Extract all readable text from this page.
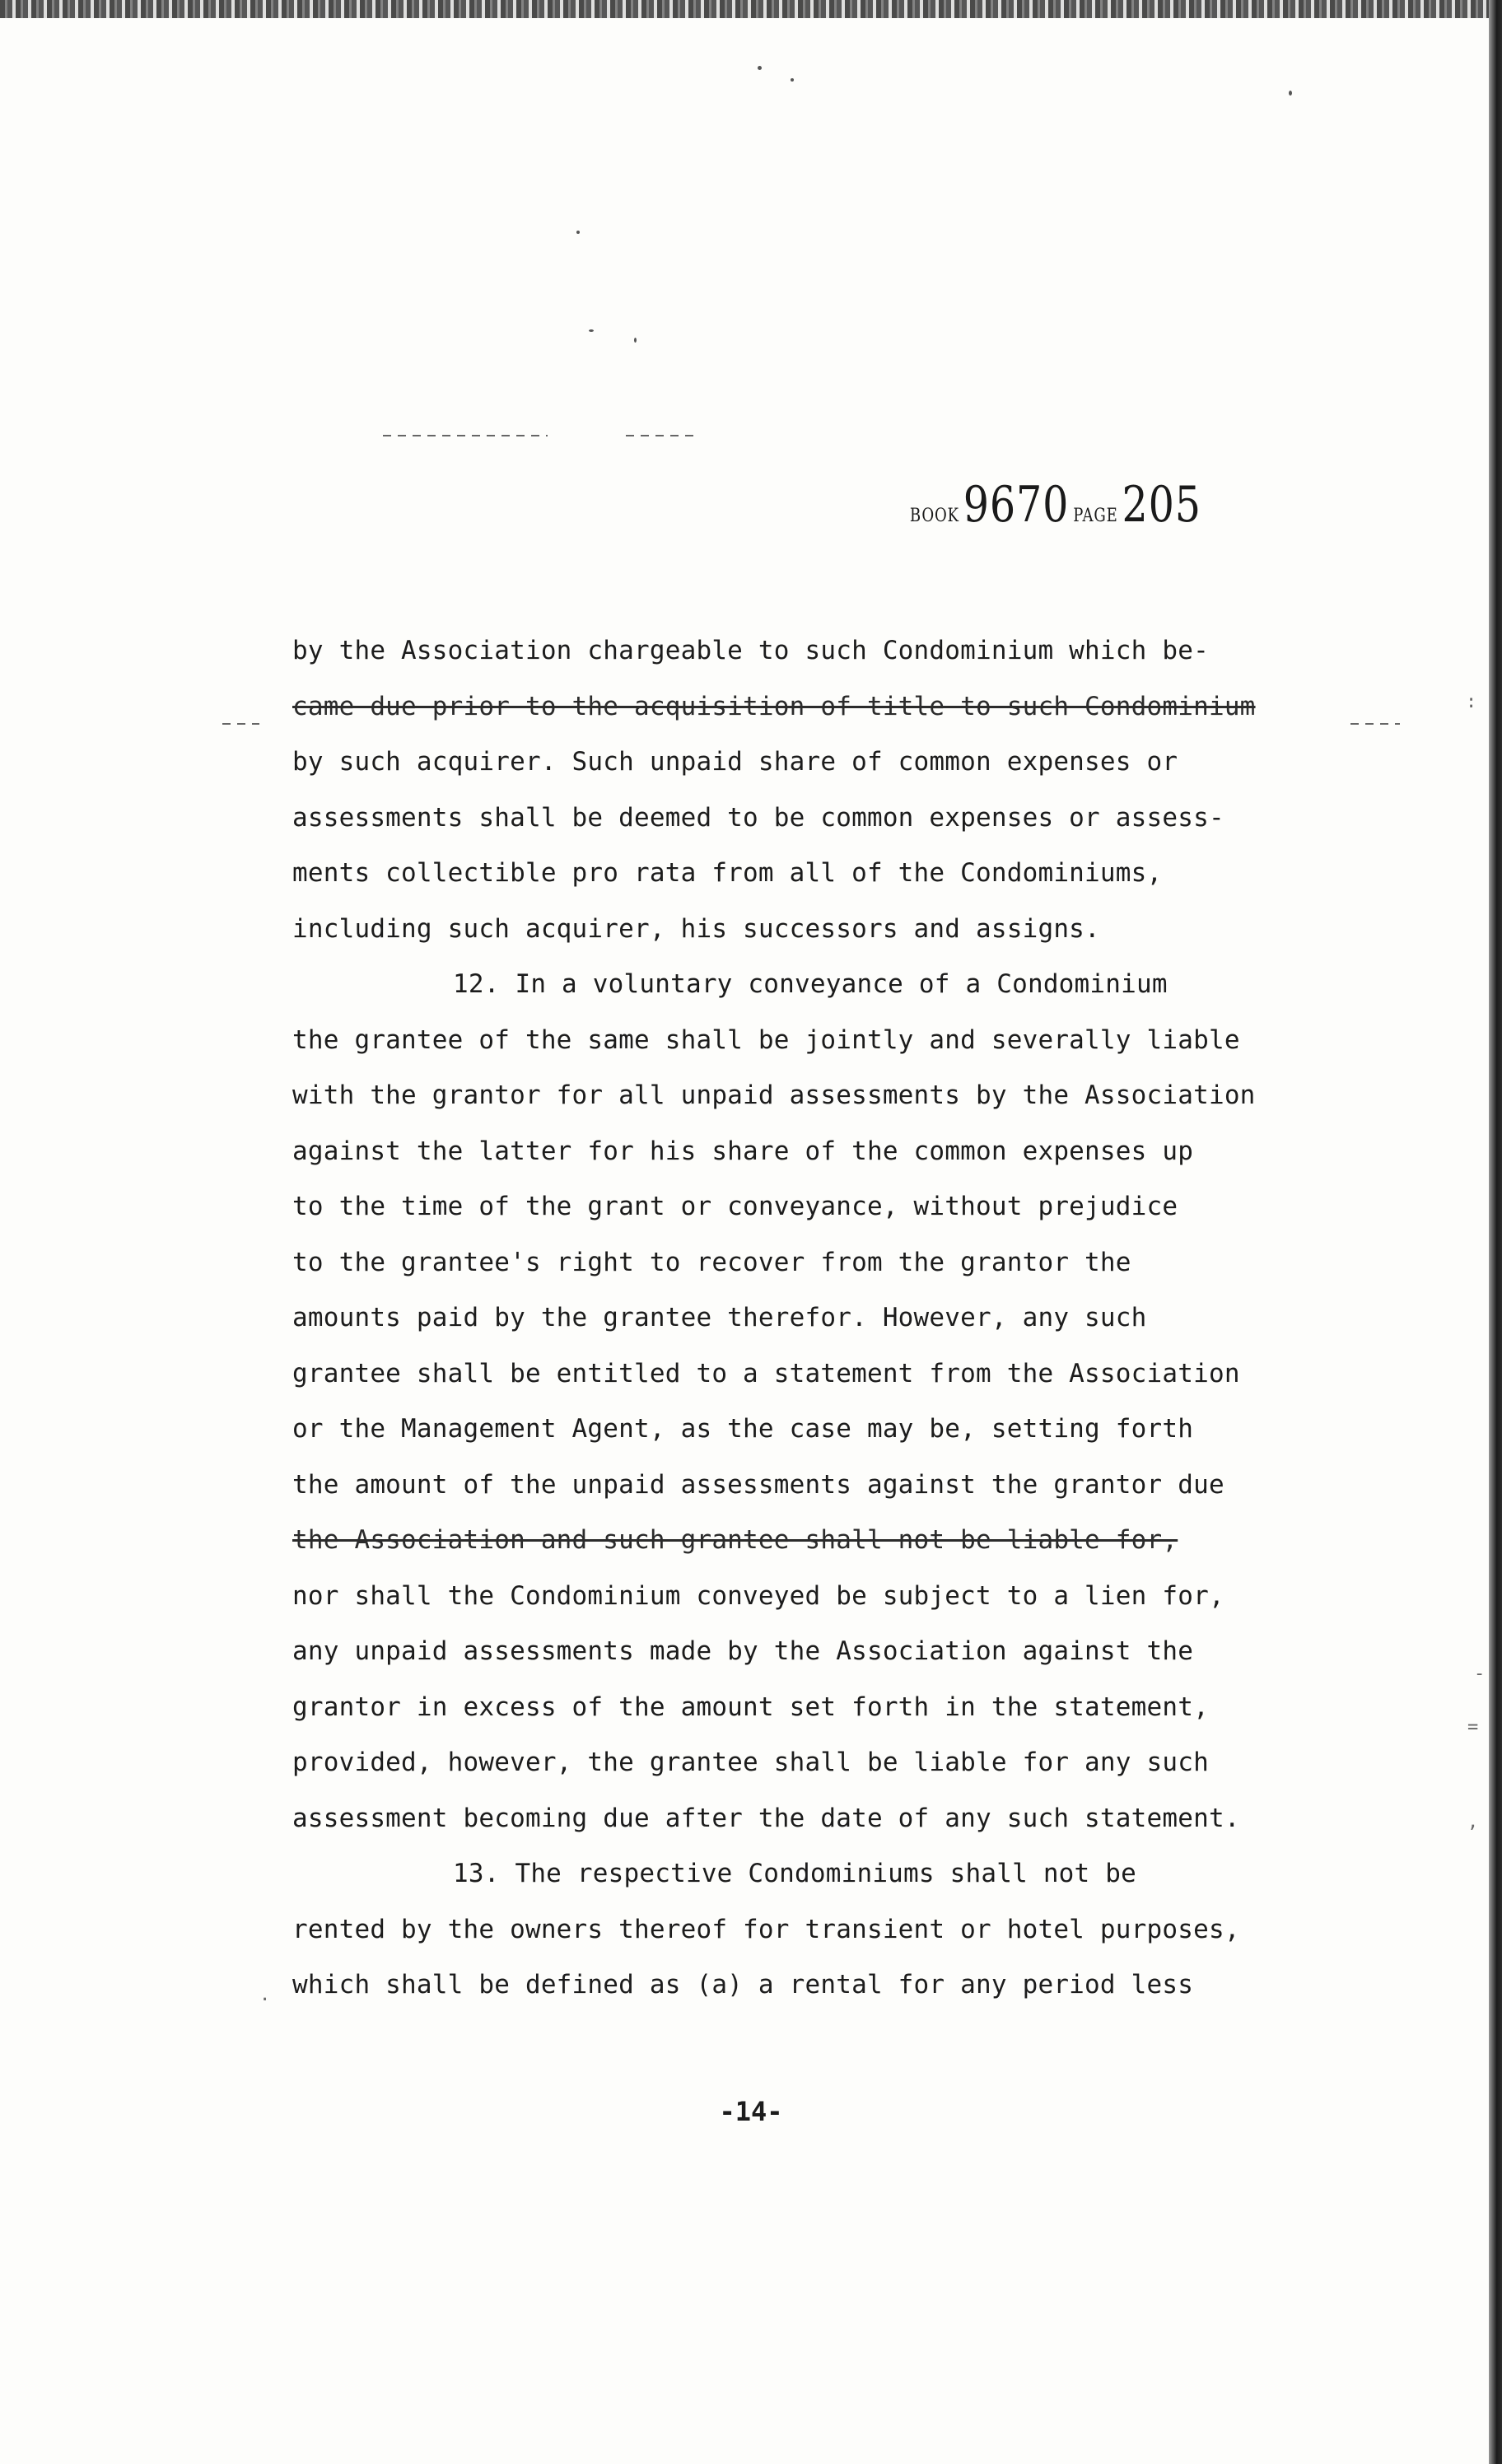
:
-
=
,
.
BOOK9670 PAGE205
by the Association chargeable to such Condominium which be-
came due prior to the acquisition of title to such Condominium
by such acquirer. Such unpaid share of common expenses or
assessments shall be deemed to be common expenses or assess-
ments collectible pro rata from all of the Condominiums,
including such acquirer, his successors and assigns.
12. In a voluntary conveyance of a Condominium
the grantee of the same shall be jointly and severally liable
with the grantor for all unpaid assessments by the Association
against the latter for his share of the common expenses up
to the time of the grant or conveyance, without prejudice
to the grantee's right to recover from the grantor the
amounts paid by the grantee therefor. However, any such
grantee shall be entitled to a statement from the Association
or the Management Agent, as the case may be, setting forth
the amount of the unpaid assessments against the grantor due
the Association and such grantee shall not be liable for,
nor shall the Condominium conveyed be subject to a lien for,
any unpaid assessments made by the Association against the
grantor in excess of the amount set forth in the statement,
provided, however, the grantee shall be liable for any such
assessment becoming due after the date of any such statement.
13. The respective Condominiums shall not be
rented by the owners thereof for transient or hotel purposes,
which shall be defined as (a) a rental for any period less
-14-
